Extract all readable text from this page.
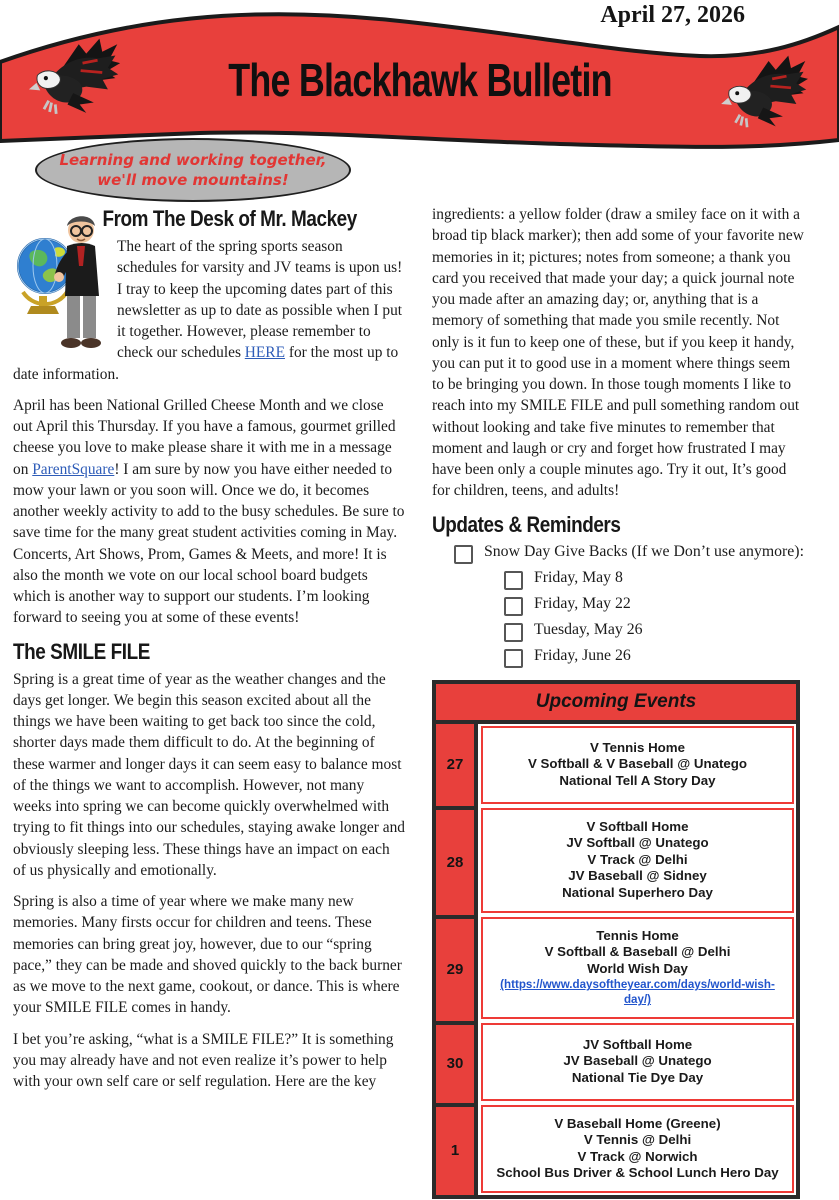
April 27, 2026
The Blackhawk Bulletin
Learning and working together,
we'll move mountains!
From The Desk of Mr. Mackey

The heart of the spring sports season schedules for varsity and JV teams is upon us! I tray to keep the upcoming dates part of this newsletter as up to date as possible when I put it together. However, please remember to check our schedules HERE for the most up to date information.

April has been National Grilled Cheese Month and we close out April this Thursday. If you have a famous, gourmet grilled cheese you love to make please share it with me in a message on ParentSquare! I am sure by now you have either needed to mow your lawn or you soon will. Once we do, it becomes another weekly activity to add to the busy schedules. Be sure to save time for the many great student activities coming in May. Concerts, Art Shows, Prom, Games & Meets, and more! It is also the month we vote on our local school board budgets which is another way to support our students. I’m looking forward to seeing you at some of these events!

The SMILE FILE

Spring is a great time of year as the weather changes and the days get longer. We begin this season excited about all the things we have been waiting to get back too since the cold, shorter days made them difficult to do. At the beginning of these warmer and longer days it can seem easy to balance most of the things we want to accomplish. However, not many weeks into spring we can become quickly overwhelmed with trying to fit things into our schedules, staying awake longer and obviously sleeping less. These things have an impact on each of us physically and emotionally.

Spring is also a time of year where we make many new memories. Many firsts occur for children and teens. These memories can bring great joy, however, due to our “spring pace,” they can be made and shoved quickly to the back burner as we move to the next game, cookout, or dance. This is where your SMILE FILE comes in handy.

I bet you’re asking, “what is a SMILE FILE?” It is something you may already have and not even realize it’s power to help with your own self care or self regulation. Here are the key

ingredients: a yellow folder (draw a smiley face on it with a broad tip black marker); then add some of your favorite new memories in it; pictures; notes from someone; a thank you card you received that made your day; a quick journal note you made after an amazing day; or, anything that is a memory of something that made you smile recently. Not only is it fun to keep one of these, but if you keep it handy, you can put it to good use in a moment where things seem to be bringing you down. In those tough moments I like to reach into my SMILE FILE and pull something random out without looking and take five minutes to remember that moment and laugh or cry and forget how frustrated I may have been only a couple minutes ago. Try it out, It’s good for children, teens, and adults!

Updates & Reminders
Snow Day Give Backs (If we Don’t use anymore):
Friday, May 8
Friday, May 22
Tuesday, May 26
Friday, June 26
Upcoming Events
27
V Tennis Home
V Softball & V Baseball @ Unatego
National Tell A Story Day
28
V Softball Home
JV Softball @ Unatego
V Track @ Delhi
JV Baseball @ Sidney
National Superhero Day
29
Tennis Home
V Softball & Baseball @ Delhi
World Wish Day
(https://www.daysoftheyear.com/days/world-wish-day/)
30
JV Softball Home
JV Baseball @ Unatego
National Tie Dye Day
1
V Baseball Home (Greene)
V Tennis @ Delhi
V Track @ Norwich
School Bus Driver & School Lunch Hero Day
